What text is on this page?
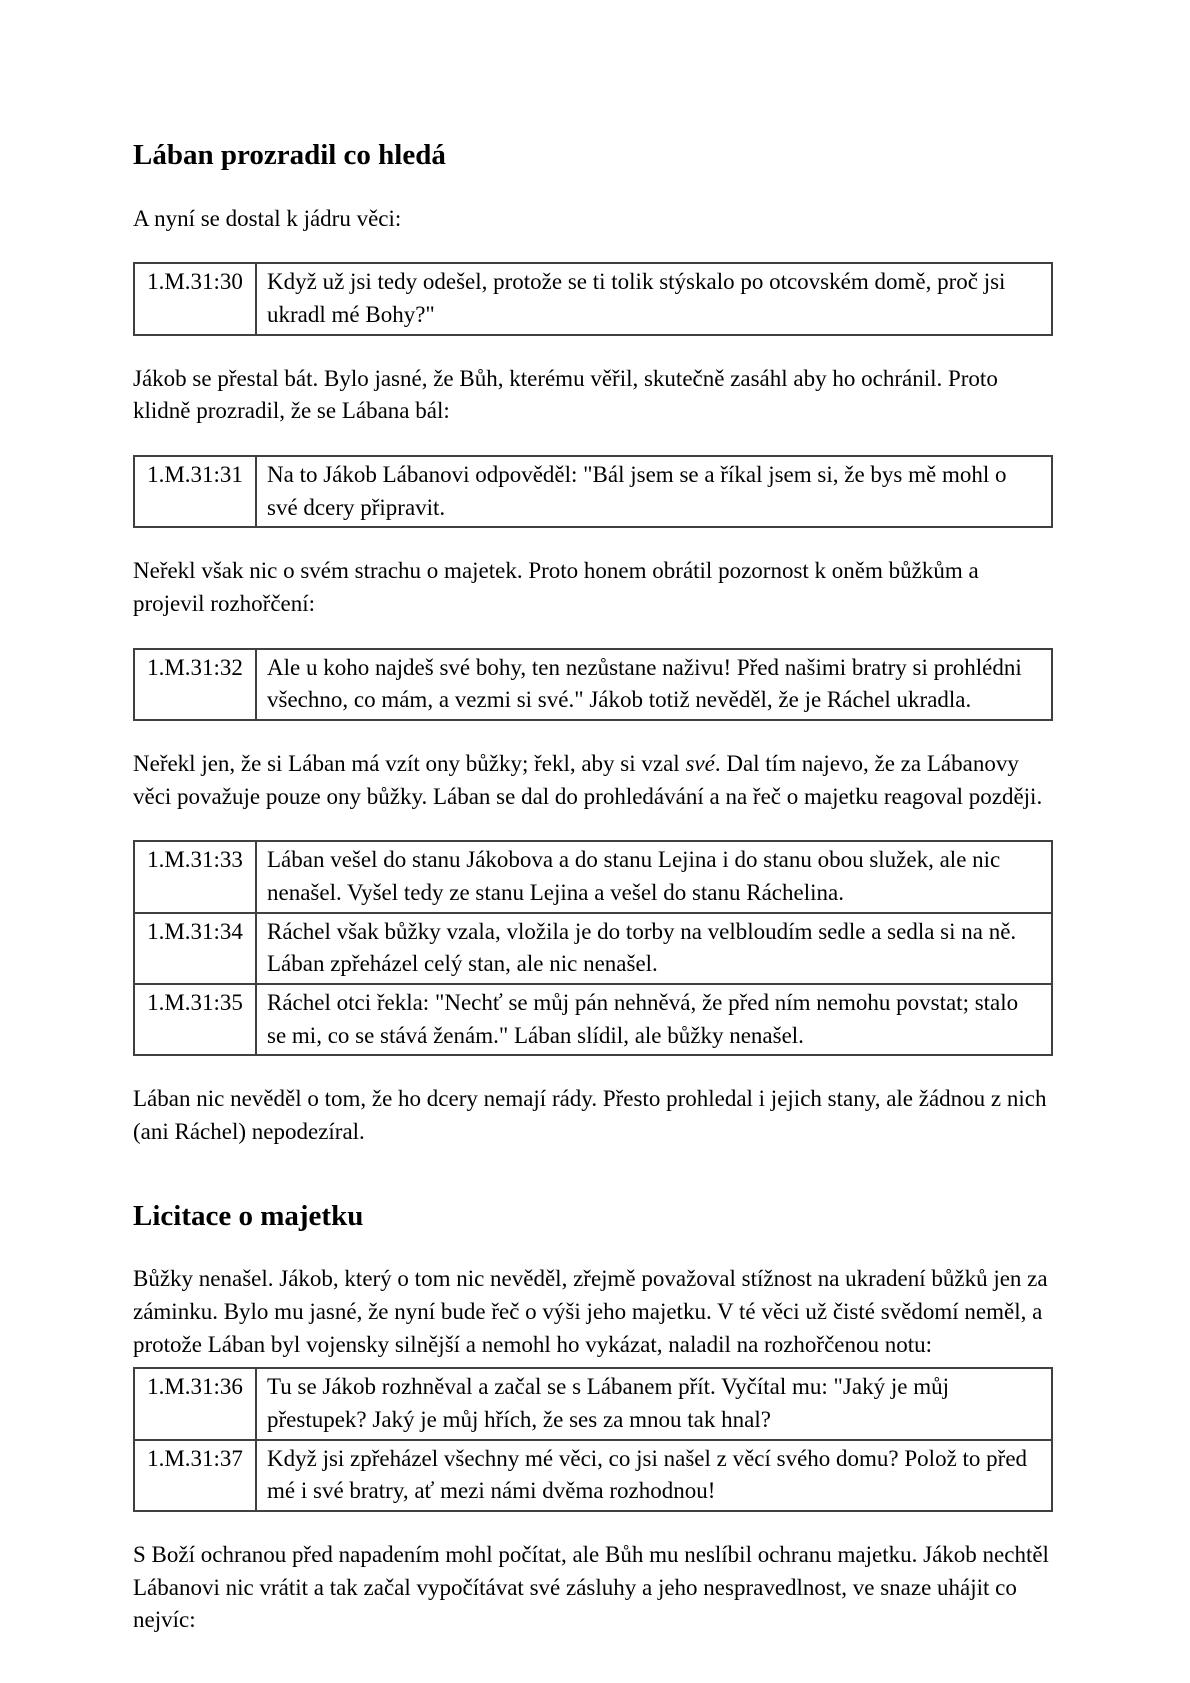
Lában prozradil co hledá

A nyní se dostal k jádru věci:

1.M.31:30	Když už jsi tedy odešel, protože se ti tolik stýskalo po otcovském domě, proč jsi ukradl mé Bohy?"

Jákob se přestal bát. Bylo jasné, že Bůh, kterému věřil, skutečně zasáhl aby ho ochránil. Proto klidně prozradil, že se Lábana bál:

1.M.31:31	Na to Jákob Lábanovi odpověděl: "Bál jsem se a říkal jsem si, že bys mě mohl o své dcery připravit.

Neřekl však nic o svém strachu o majetek. Proto honem obrátil pozornost k oněm bůžkům a projevil rozhořčení:

1.M.31:32	Ale u koho najdeš své bohy, ten nezůstane naživu! Před našimi bratry si prohlédni všechno, co mám, a vezmi si své." Jákob totiž nevěděl, že je Ráchel ukradla.

Neřekl jen, že si Lában má vzít ony bůžky; řekl, aby si vzal své. Dal tím najevo, že za Lábanovy věci považuje pouze ony bůžky. Lában se dal do prohledávání a na řeč o majetku reagoval později.

1.M.31:33	Lában vešel do stanu Jákobova a do stanu Lejina i do stanu obou služek, ale nic nenašel. Vyšel tedy ze stanu Lejina a vešel do stanu Ráchelina.
1.M.31:34	Ráchel však bůžky vzala, vložila je do torby na velbloudím sedle a sedla si na ně. Lában zpřeházel celý stan, ale nic nenašel.
1.M.31:35	Ráchel otci řekla: "Nechť se můj pán nehněvá, že před ním nemohu povstat; stalo se mi, co se stává ženám." Lában slídil, ale bůžky nenašel.

Lában nic nevěděl o tom, že ho dcery nemají rády. Přesto prohledal i jejich stany, ale žádnou z nich (ani Ráchel) nepodezíral.

Licitace o majetku

Bůžky nenašel. Jákob, který o tom nic nevěděl, zřejmě považoval stížnost na ukradení bůžků jen za záminku. Bylo mu jasné, že nyní bude řeč o výši jeho majetku. V té věci už čisté svědomí neměl, a protože Lában byl vojensky silnější a nemohl ho vykázat, naladil na rozhořčenou notu:

1.M.31:36	Tu se Jákob rozhněval a začal se s Lábanem přít. Vyčítal mu: "Jaký je můj přestupek? Jaký je můj hřích, že ses za mnou tak hnal?
1.M.31:37	Když jsi zpřeházel všechny mé věci, co jsi našel z věcí svého domu? Polož to před mé i své bratry, ať mezi námi dvěma rozhodnou!

S Boží ochranou před napadením mohl počítat, ale Bůh mu neslíbil ochranu majetku. Jákob nechtěl Lábanovi nic vrátit a tak začal vypočítávat své zásluhy a jeho nespravedlnost, ve snaze uhájit co nejvíc:
